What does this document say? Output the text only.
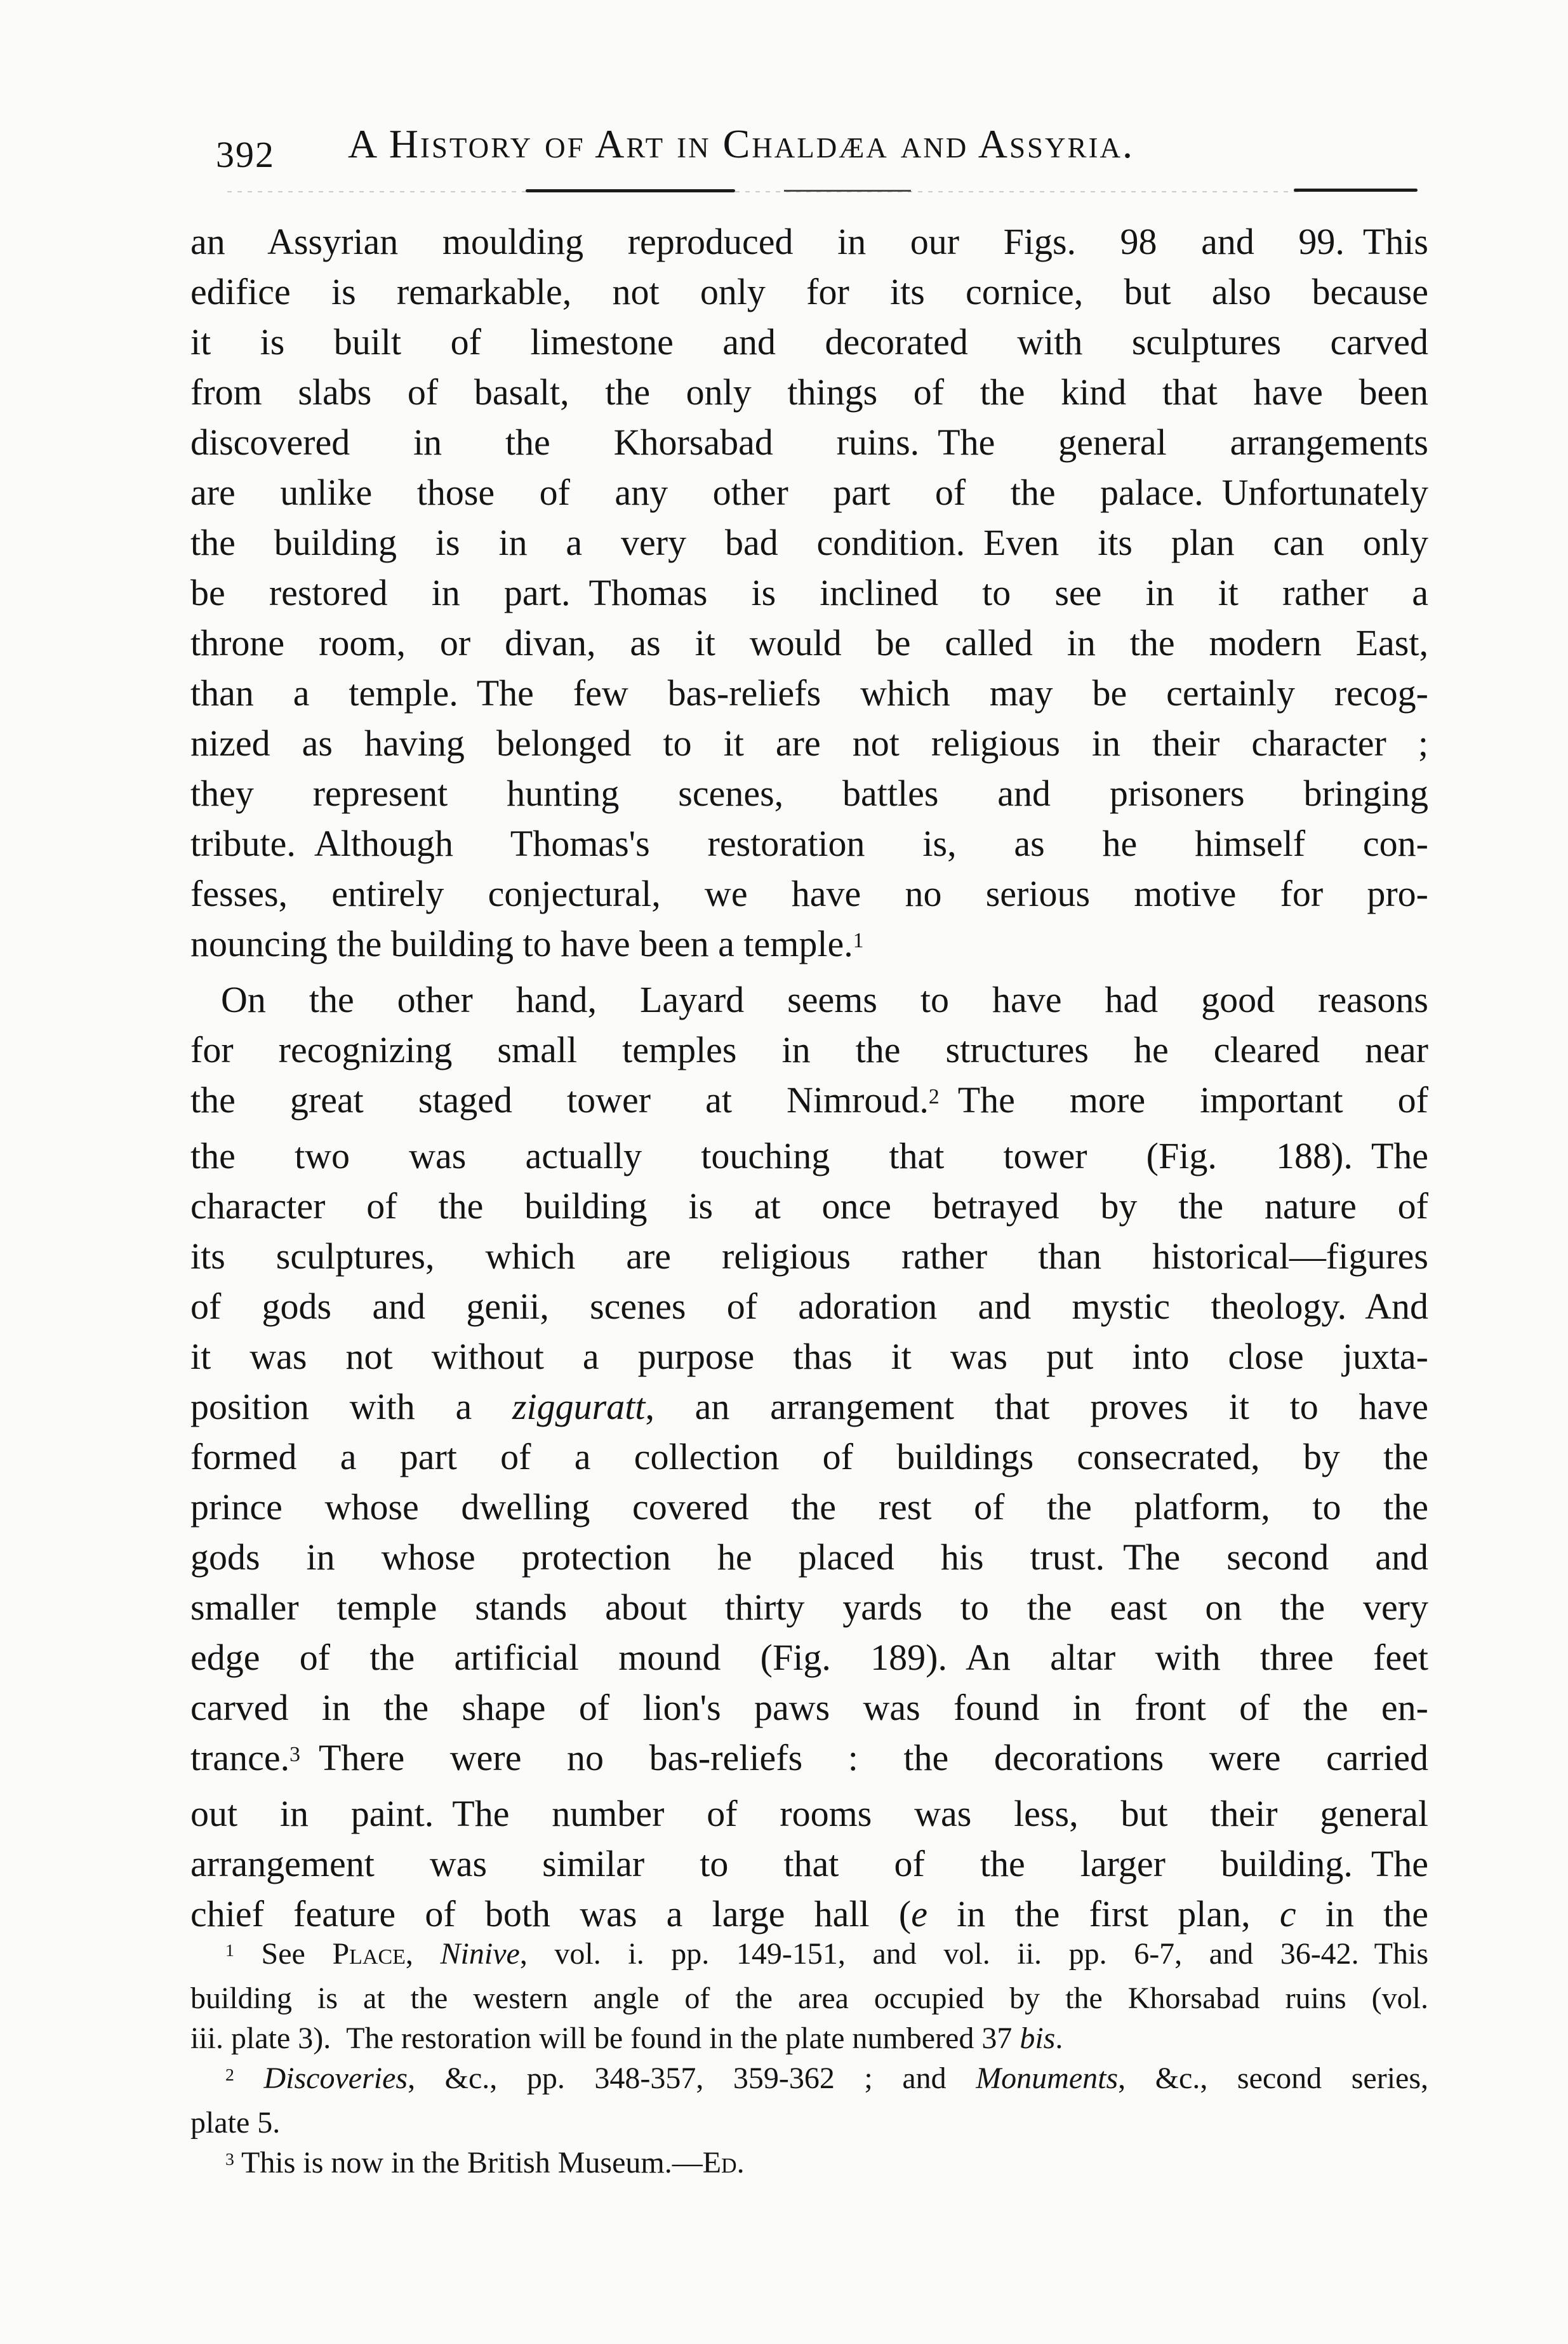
392 A History of Art in Chaldæa and Assyria.
an Assyrian moulding reproduced in our Figs. 98 and 99. This
edifice is remarkable, not only for its cornice, but also because
it is built of limestone and decorated with sculptures carved
from slabs of basalt, the only things of the kind that have been
discovered in the Khorsabad ruins. The general arrangements
are unlike those of any other part of the palace. Unfortunately
the building is in a very bad condition. Even its plan can only
be restored in part. Thomas is inclined to see in it rather a
throne room, or divan, as it would be called in the modern East,
than a temple. The few bas-reliefs which may be certainly recog-
nized as having belonged to it are not religious in their character ;
they represent hunting scenes, battles and prisoners bringing
tribute. Although Thomas's restoration is, as he himself con-
fesses, entirely conjectural, we have no serious motive for pro-
nouncing the building to have been a temple.$^1$
On the other hand, Layard seems to have had good reasons
for recognizing small temples in the structures he cleared near
the great staged tower at Nimroud.$^2$ The more important of
the two was actually touching that tower (Fig. 188). The
character of the building is at once betrayed by the nature of
its sculptures, which are religious rather than historical—figures
of gods and genii, scenes of adoration and mystic theology. And
it was not without a purpose thas it was put into close juxta-
position with a zigguratt, an arrangement that proves it to have
formed a part of a collection of buildings consecrated, by the
prince whose dwelling covered the rest of the platform, to the
gods in whose protection he placed his trust. The second and
smaller temple stands about thirty yards to the east on the very
edge of the artificial mound (Fig. 189). An altar with three feet
carved in the shape of lion's paws was found in front of the en-
trance.$^3$ There were no bas-reliefs : the decorations were carried
out in paint. The number of rooms was less, but their general
arrangement was similar to that of the larger building. The
chief feature of both was a large hall (e in the first plan, c in the
$^1$ See Place, Ninive, vol. i. pp. 149-151, and vol. ii. pp. 6-7, and 36-42. This
building is at the western angle of the area occupied by the Khorsabad ruins (vol.
iii. plate 3). The restoration will be found in the plate numbered 37 bis.
$^2$ Discoveries, &c., pp. 348-357, 359-362 ; and Monuments, &c., second series,
plate 5.
$^3$ This is now in the British Museum.—Ed.
